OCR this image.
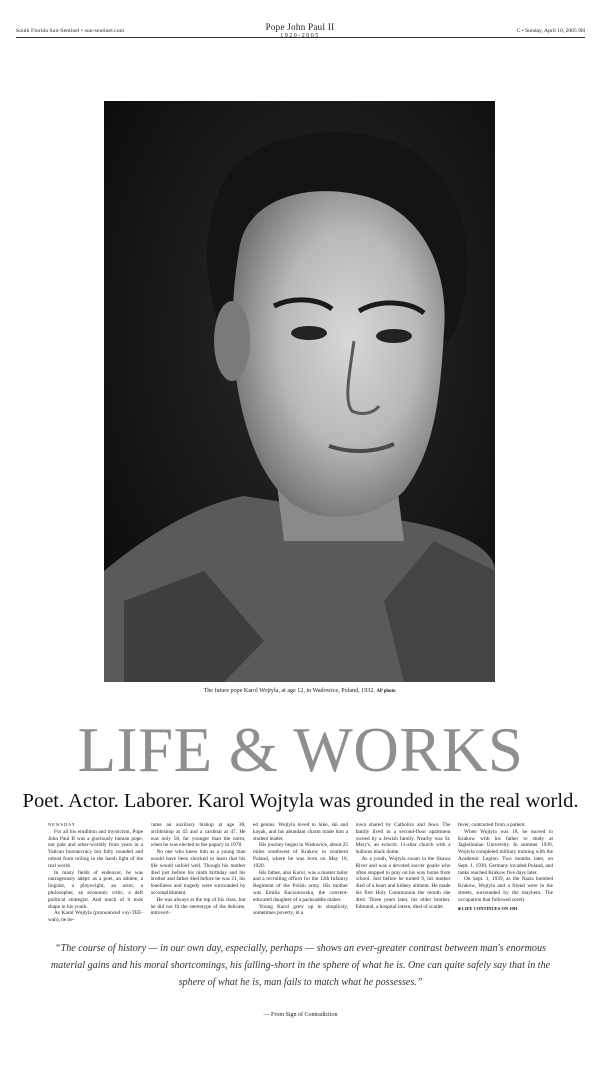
South Florida Sun-Sentinel • sun-sentinel.com	Pope John Paul II
1920-2005
C • Sunday, April 10, 2005 9H
The future pope Karol Wojtyla, at age 12, in Wadowice, Poland, 1932. AP photo
LIFE & WORKS
Poet. Actor. Laborer. Karol Wojtyla was grounded in the real world.

NEWSDAY

For all his erudition and mysticism, Pope John Paul II was a gloriously human pope, not pale and other-worldly from years in a Vatican bureaucracy but fully rounded and robust from toiling in the harsh light of the real world.

In many fields of endeavor, he was outrageously adept: as a poet, an athlete, a linguist, a playwright, an actor, a philosopher, an economic critic, a deft political strategist. And much of it took shape in his youth.

As Karol Wojtyla (pronounced voy-TEE-wah), he be-

came an auxiliary bishop at age 38, archbishop at 43 and a cardinal at 47. He was only 58, far younger than the norm, when he was elected to the papacy in 1978.

No one who knew him as a young man would have been shocked to learn that his life would unfold well. Though his mother died just before his ninth birthday and his brother and father died before he was 21, his loneliness and tragedy were surrounded by accomplishment.

He was always at the top of his class, but he did not fit the stereotype of the delicate, introvert-

ed genius. Wojtyla loved to hike, ski and kayak, and his abundant charm made him a student leader.

His journey began in Wadowice, about 25 miles southwest of Krakow in southern Poland, where he was born on May 18, 1920.

His father, also Karol, was a master tailor and a recruiting officer for the 12th Infantry Regiment of the Polish army. His mother was Emilia Kaczorowska, the convent-educated daughter of a packsaddle maker.

Young Karol grew up in simplicity, sometimes poverty, in a

town shared by Catholics and Jews. The family lived in a second-floor apartment owned by a Jewish family. Nearby was St. Mary's, an eclectic 11-altar church with a bulbous black dome.

As a youth, Wojtyla swam in the Skawa River and was a devoted soccer goalie who often stopped to pray on his way home from school. Just before he turned 9, his mother died of a heart and kidney ailment. He made his first Holy Communion the month she died. Three years later, his older brother, Edmund, a hospital intern, died of scarlet

fever, contracted from a patient.

When Wojtyla was 18, he moved to Krakow with his father to study at Jagiellonian University. In summer 1939, Wojtyla completed military training with the Academic Legion. Two months later, on Sept. 1, 1939, Germany invaded Poland, and tanks reached Krakow five days later.

On Sept. 1, 1939, as the Nazis bombed Krakow, Wojtyla and a friend were in the streets, surrounded by the mayhem. The occupation that followed sorely

■ LIFE CONTINUES ON 10H

“The course of history — in our own day, especially, perhaps — shows an ever-greater contrast between man's enormous material gains and his moral shortcomings, his falling-short in the sphere of what he is. One can quite safely say that in the sphere of what he is, man fails to match what he possesses.”
— From Sign of Contradiction
